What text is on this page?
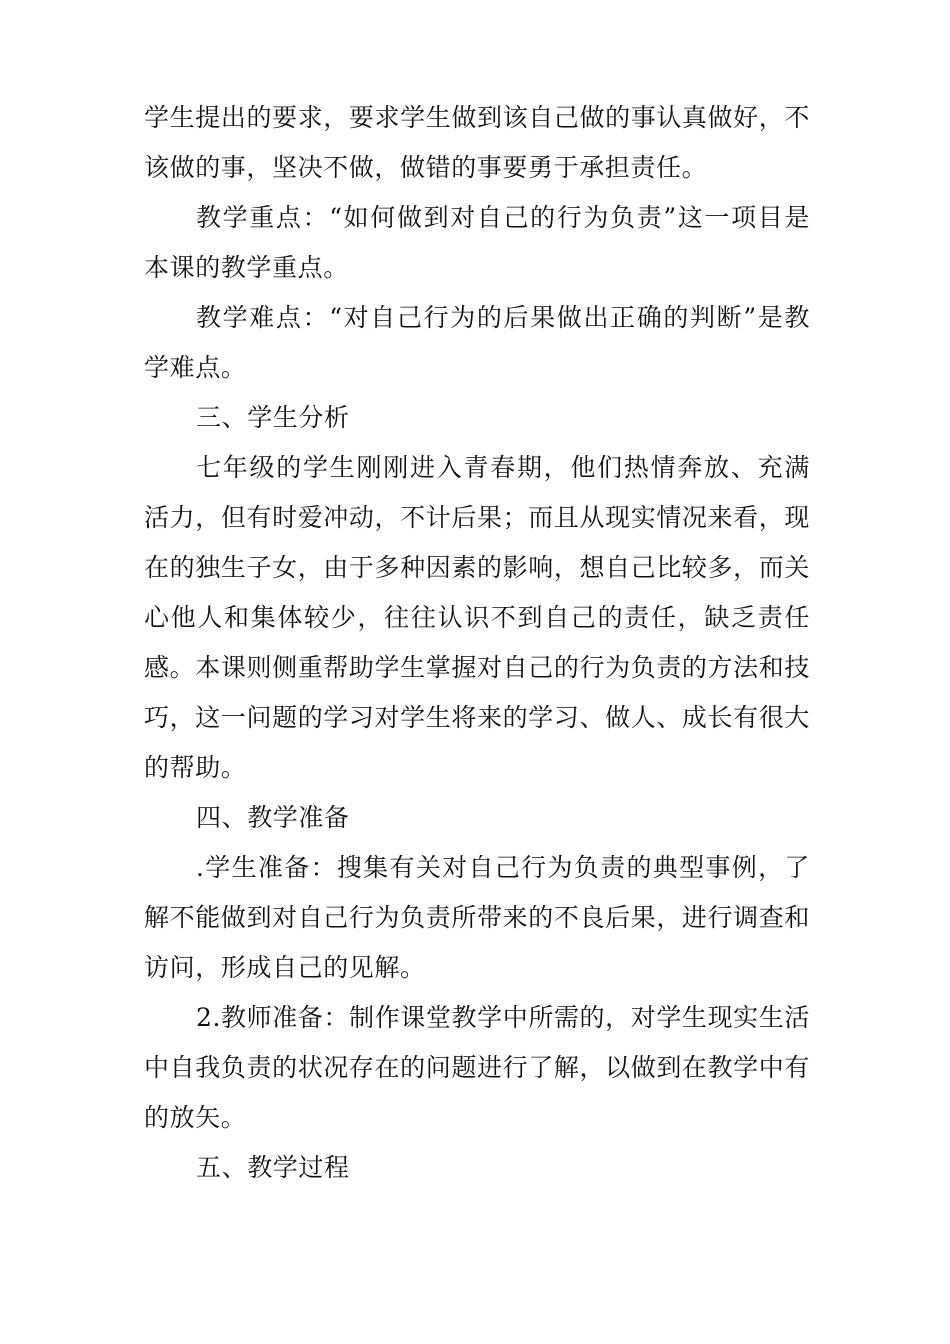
学生提出的要求，要求学生做到该自己做的事认真做好，不该做的事，坚决不做，做错的事要勇于承担责任。

教学重点：“如何做到对自己的行为负责”这一项目是本课的教学重点。

教学难点：“对自己行为的后果做出正确的判断”是教学难点。

三、学生分析

七年级的学生刚刚进入青春期，他们热情奔放、充满活力，但有时爱冲动，不计后果；而且从现实情况来看，现在的独生子女，由于多种因素的影响，想自己比较多，而关心他人和集体较少，往往认识不到自己的责任，缺乏责任感。本课则侧重帮助学生掌握对自己的行为负责的方法和技巧，这一问题的学习对学生将来的学习、做人、成长有很大的帮助。

四、教学准备

.学生准备：搜集有关对自己行为负责的典型事例，了解不能做到对自己行为负责所带来的不良后果，进行调查和访问，形成自己的见解。

2.教师准备：制作课堂教学中所需的，对学生现实生活中自我负责的状况存在的问题进行了解，以做到在教学中有的放矢。

五、教学过程
